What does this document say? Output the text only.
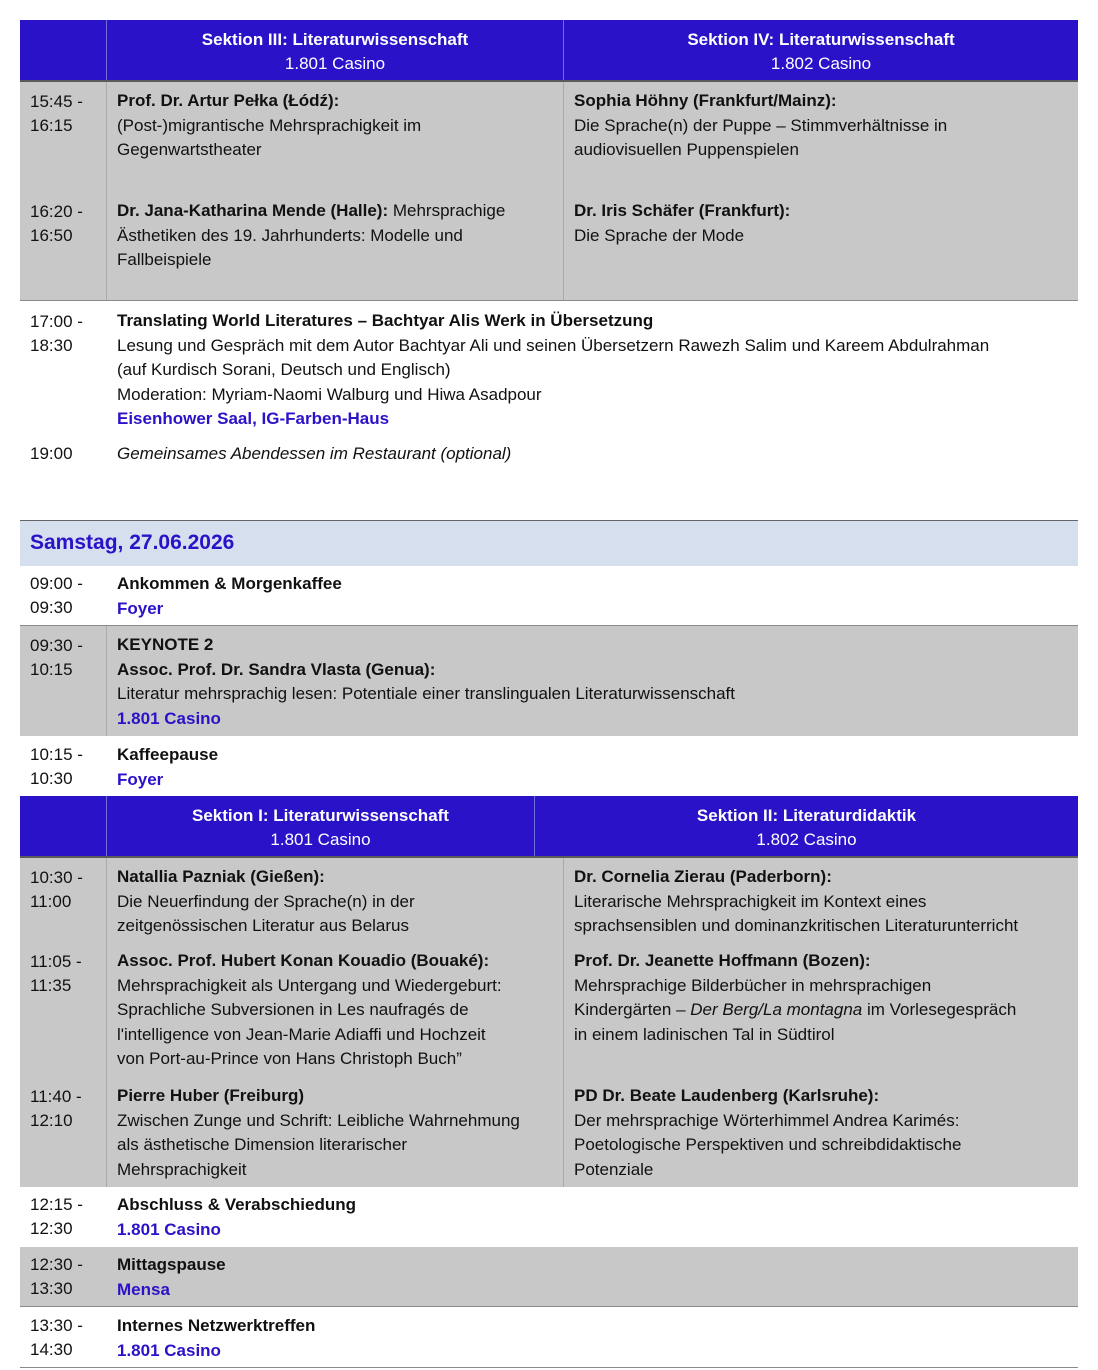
Sektion III: Literaturwissenschaft
1.801 Casino
Sektion IV: Literaturwissenschaft
1.802 Casino
15:45 -
16:15
Prof. Dr. Artur Pełka (Łódź):
(Post-)migrantische Mehrsprachigkeit im
Gegenwartstheater
Sophia Höhny (Frankfurt/Mainz):
Die Sprache(n) der Puppe – Stimmverhältnisse in
audiovisuellen Puppenspielen
16:20 -
16:50
Dr. Jana-Katharina Mende (Halle): Mehrsprachige
Ästhetiken des 19. Jahrhunderts: Modelle und
Fallbeispiele
Dr. Iris Schäfer (Frankfurt):
Die Sprache der Mode
17:00 -
18:30
Translating World Literatures – Bachtyar Alis Werk in Übersetzung
Lesung und Gespräch mit dem Autor Bachtyar Ali und seinen Übersetzern Rawezh Salim und Kareem Abdulrahman
(auf Kurdisch Sorani, Deutsch und Englisch)
Moderation: Myriam-Naomi Walburg und Hiwa Asadpour
Eisenhower Saal, IG-Farben-Haus
19:00	Gemeinsames Abendessen im Restaurant (optional)
Samstag, 27.06.2026
09:00 -
09:30
Ankommen & Morgenkaffee
Foyer
09:30 -
10:15
KEYNOTE 2
Assoc. Prof. Dr. Sandra Vlasta (Genua):
Literatur mehrsprachig lesen: Potentiale einer translingualen Literaturwissenschaft
1.801 Casino
10:15 -
10:30
Kaffeepause
Foyer
Sektion I: Literaturwissenschaft
1.801 Casino
Sektion II: Literaturdidaktik
1.802 Casino
10:30 -
11:00
Natallia Pazniak (Gießen):
Die Neuerfindung der Sprache(n) in der
zeitgenössischen Literatur aus Belarus
Dr. Cornelia Zierau (Paderborn):
Literarische Mehrsprachigkeit im Kontext eines
sprachsensiblen und dominanzkritischen Literaturunterricht
11:05 -
11:35
Assoc. Prof. Hubert Konan Kouadio (Bouaké):
Mehrsprachigkeit als Untergang und Wiedergeburt:
Sprachliche Subversionen in Les naufragés de
l'intelligence von Jean-Marie Adiaffi und Hochzeit
von Port-au-Prince von Hans Christoph Buch”
Prof. Dr. Jeanette Hoffmann (Bozen):
Mehrsprachige Bilderbücher in mehrsprachigen
Kindergärten – Der Berg/La montagna im Vorlesegespräch
in einem ladinischen Tal in Südtirol
11:40 -
12:10
Pierre Huber (Freiburg)
Zwischen Zunge und Schrift: Leibliche Wahrnehmung
als ästhetische Dimension literarischer
Mehrsprachigkeit
PD Dr. Beate Laudenberg (Karlsruhe):
Der mehrsprachige Wörterhimmel Andrea Karimés:
Poetologische Perspektiven und schreibdidaktische
Potenziale
12:15 -
12:30
Abschluss & Verabschiedung
1.801 Casino
12:30 -
13:30
Mittagspause
Mensa
13:30 -
14:30
Internes Netzwerktreffen
1.801 Casino
